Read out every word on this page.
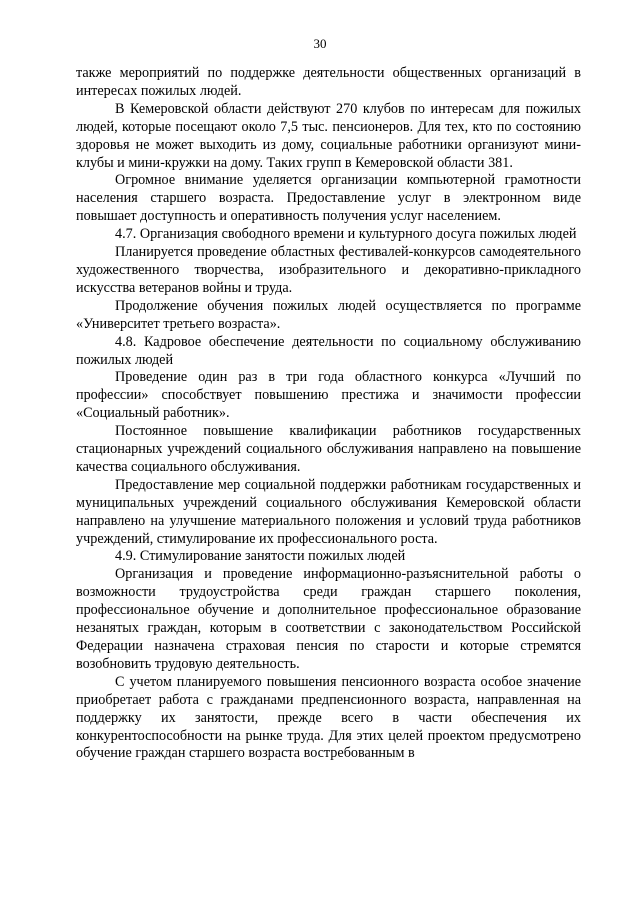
30

также мероприятий по поддержке деятельности общественных организаций в интересах пожилых людей.

В Кемеровской области действуют 270 клубов по интересам для пожилых людей, которые посещают около 7,5 тыс. пенсионеров. Для тех, кто по состоянию здоровья не может выходить из дому, социальные работники организуют мини-клубы и мини-кружки на дому. Таких групп в Кемеровской области 381.

Огромное внимание уделяется организации компьютерной грамотности населения старшего возраста. Предоставление услуг в электронном виде повышает доступность и оперативность получения услуг населением.

4.7. Организация свободного времени и культурного досуга пожилых людей

Планируется проведение областных фестивалей-конкурсов самодеятельного художественного творчества, изобразительного и декоративно-прикладного искусства ветеранов войны и труда.

Продолжение обучения пожилых людей осуществляется по программе «Университет третьего возраста».

4.8. Кадровое обеспечение деятельности по социальному обслуживанию пожилых людей

Проведение один раз в три года областного конкурса «Лучший по профессии» способствует повышению престижа и значимости профессии «Социальный работник».

Постоянное повышение квалификации работников государственных стационарных учреждений социального обслуживания направлено на повышение качества социального обслуживания.

Предоставление мер социальной поддержки работникам государственных и муниципальных учреждений социального обслуживания Кемеровской области направлено на улучшение материального положения и условий труда работников учреждений, стимулирование их профессионального роста.

4.9. Стимулирование занятости пожилых людей

Организация и проведение информационно-разъяснительной работы о возможности трудоустройства среди граждан старшего поколения, профессиональное обучение и дополнительное профессиональное образование незанятых граждан, которым в соответствии с законодательством Российской Федерации назначена страховая пенсия по старости и которые стремятся возобновить трудовую деятельность.

С учетом планируемого повышения пенсионного возраста особое значение приобретает работа с гражданами предпенсионного возраста, направленная на поддержку их занятости, прежде всего в части обеспечения их конкурентоспособности на рынке труда. Для этих целей проектом предусмотрено обучение граждан старшего возраста востребованным в
